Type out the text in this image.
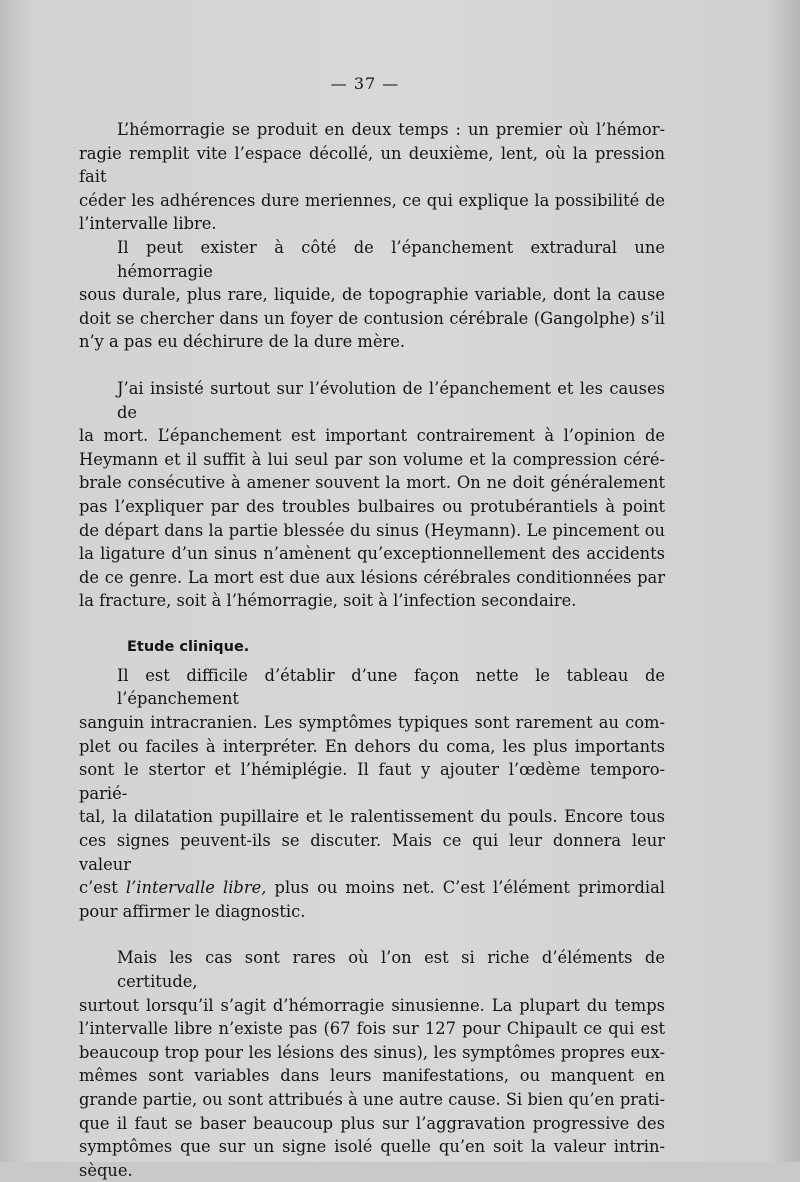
— 37 —
L’hémorragie se produit en deux temps : un premier où l’hémor-
ragie remplit vite l’espace décollé, un deuxième, lent, où la pression fait
céder les adhérences dure meriennes, ce qui explique la possibilité de
l’intervalle libre.
Il peut exister à côté de l’épanchement extradural une hémorragie
sous durale, plus rare, liquide, de topographie variable, dont la cause
doit se chercher dans un foyer de contusion cérébrale (Gangolphe) s’il
n’y a pas eu déchirure de la dure mère.
J’ai insisté surtout sur l’évolution de l’épanchement et les causes de
la mort. L’épanchement est important contrairement à l’opinion de
Heymann et il suffit à lui seul par son volume et la compression céré-
brale consécutive à amener souvent la mort. On ne doit généralement
pas l’expliquer par des troubles bulbaires ou protubérantiels à point
de départ dans la partie blessée du sinus (Heymann). Le pincement ou
la ligature d’un sinus n’amènent qu’exceptionnellement des accidents
de ce genre. La mort est due aux lésions cérébrales conditionnées par
la fracture, soit à l’hémorragie, soit à l’infection secondaire.
Etude clinique.
Il est difficile d’établir d’une façon nette le tableau de l’épanchement
sanguin intracranien. Les symptômes typiques sont rarement au com-
plet ou faciles à interpréter. En dehors du coma, les plus importants
sont le stertor et l’hémiplégie. Il faut y ajouter l’œdème temporo- parié-
tal, la dilatation pupillaire et le ralentissement du pouls. Encore tous
ces signes peuvent-ils se discuter. Mais ce qui leur donnera leur valeur
c’est l’intervalle libre, plus ou moins net. C’est l’élément primordial
pour affirmer le diagnostic.
Mais les cas sont rares où l’on est si riche d’éléments de certitude,
surtout lorsqu’il s’agit d’hémorragie sinusienne. La plupart du temps
l’intervalle libre n’existe pas (67 fois sur 127 pour Chipault ce qui est
beaucoup trop pour les lésions des sinus), les symptômes propres eux-
mêmes sont variables dans leurs manifestations, ou manquent en
grande partie, ou sont attribués à une autre cause. Si bien qu’en prati-
que il faut se baser beaucoup plus sur l’aggravation progressive des
symptômes que sur un signe isolé quelle qu’en soit la valeur intrin-
sèque.
